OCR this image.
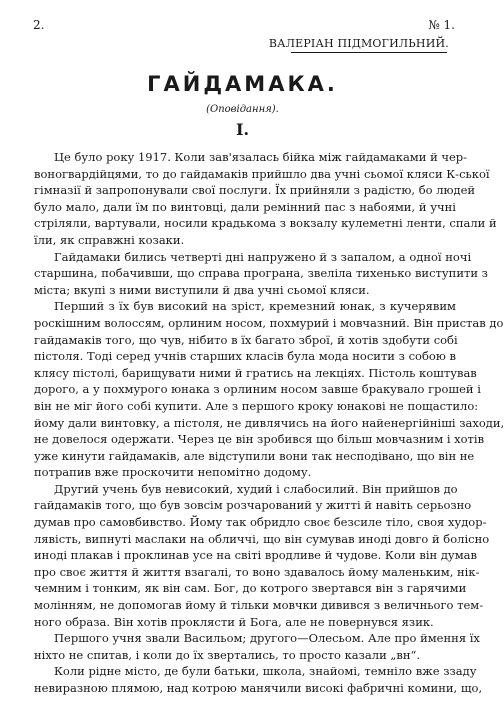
2.	№ 1.
ВАЛЕРІАН ПІДМОГИЛЬНИЙ.
ГАЙДАМАКА.
(Оповідання).
I.
Це було року 1917. Коли зав'язалась бійка між гайдамаками й чер-
воногвардійцями, то до гайдамаків прийшло два учні сьомої кляси К-ської
гімназії й запропонували свої послуги. Їх прийняли з радістю, бо людей
було мало, дали їм по винтовці, дали ремінний пас з набоями, й учні
стріляли, вартували, носили крадькома з вокзалу кулеметні ленти, спали й
їли, як справжні козаки.
Гайдамаки бились четверті дні напружено й з запалом, а одної ночі
старшина, побачивши, що справа програна, звеліла тихенько виступити з
міста; вкупі з ними виступили й два учні сьомої кляси.
Перший з їх був високий на зріст, кремезний юнак, з кучерявим
роскішним волоссям, орлиним носом, похмурий і мовчазний. Він пристав до
гайдамаків того, що чув, нібито в їх багато зброї, й хотів здобути собі
пістоля. Тоді серед учнів старших класів була мода носити з собою в
клясу пістолі, барищувати ними й гратись на лекціях. Пістоль коштував
дорого, а у похмурого юнака з орлиним носом завше бракувало грошей і
він не міг його собі купити. Але з першого кроку юнакові не пощастило:
йому дали винтовку, а пістоля, не дивлячись на його найенергійніші заходи,
не довелося одержати. Через це він зробився що більш мовчазним і хотів
уже кинути гайдамаків, але відступили вони так несподівано, що він не
потрапив вже проскочити непомітно додому.
Другий учень був невисокий, худий і слабосилий. Він прийшов до
гайдамаків того, що був зовсім розчарований у житті й навіть серьозно
думав про самовбивство. Йому так обридло своє безсиле тіло, своя худор-
лявість, випнуті маслаки на обличчі, що він сумував иноді довго й болісно
иноді плакав і проклинав усе на світі вродливе й чудове. Коли він думав
про своє життя й життя взагалі, то воно здавалось йому маленьким, нік-
чемним і тонким, як він сам. Бог, до котрого звертався він з гарячими
молінням, не допомогав йому й тільки мовчки дивився з величнього тем-
ного образа. Він хотів проклясти й Бога, але не повернувся язик.
Першого учня звали Васильом; другого—Олесьом. Але про ймення їх
ніхто не спитав, і коли до їх звертались, то просто казали „вн“.
Коли рідне місто, де були батьки, школа, знайомі, темніло вже ззаду
невиразною плямою, над котрою манячили високі фабричні комини, що,
